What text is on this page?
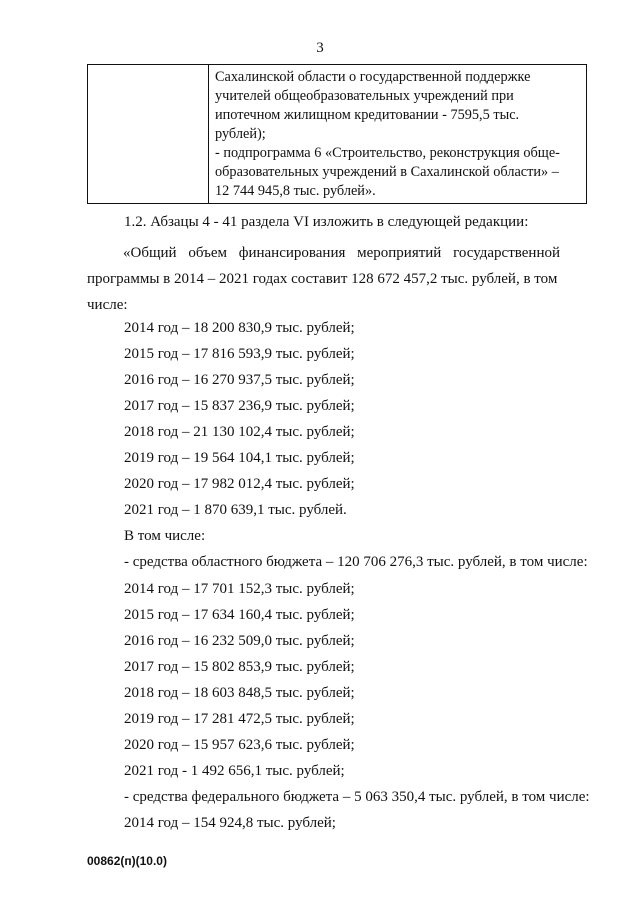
3

Сахалинской области о государственной поддержке
учителей общеобразовательных учреждений при
ипотечном жилищном кредитовании - 7595,5 тыс.
рублей);
- подпрограмма 6 «Строительство, реконструкция обще-
образовательных учреждений в Сахалинской области» –
12 744 945,8 тыс. рублей».
1.2. Абзацы 4 - 41 раздела VI изложить в следующей редакции:
«Общий объем финансирования мероприятий государственной
программы в 2014 – 2021 годах составит 128 672 457,2 тыс. рублей, в том
числе:
2014 год – 18 200 830,9 тыс. рублей;
2015 год – 17 816 593,9 тыс. рублей;
2016 год – 16 270 937,5 тыс. рублей;
2017 год – 15 837 236,9 тыс. рублей;
2018 год – 21 130 102,4 тыс. рублей;
2019 год – 19 564 104,1 тыс. рублей;
2020 год – 17 982 012,4 тыс. рублей;
2021 год – 1 870 639,1 тыс. рублей.
В том числе:
- средства областного бюджета – 120 706 276,3 тыс. рублей, в том числе:
2014 год – 17 701 152,3 тыс. рублей;
2015 год – 17 634 160,4 тыс. рублей;
2016 год – 16 232 509,0 тыс. рублей;
2017 год – 15 802 853,9 тыс. рублей;
2018 год – 18 603 848,5 тыс. рублей;
2019 год – 17 281 472,5 тыс. рублей;
2020 год – 15 957 623,6 тыс. рублей;
2021 год - 1 492 656,1 тыс. рублей;
- средства федерального бюджета – 5 063 350,4 тыс. рублей, в том числе:
2014 год – 154 924,8 тыс. рублей;
00862(п)(10.0)
